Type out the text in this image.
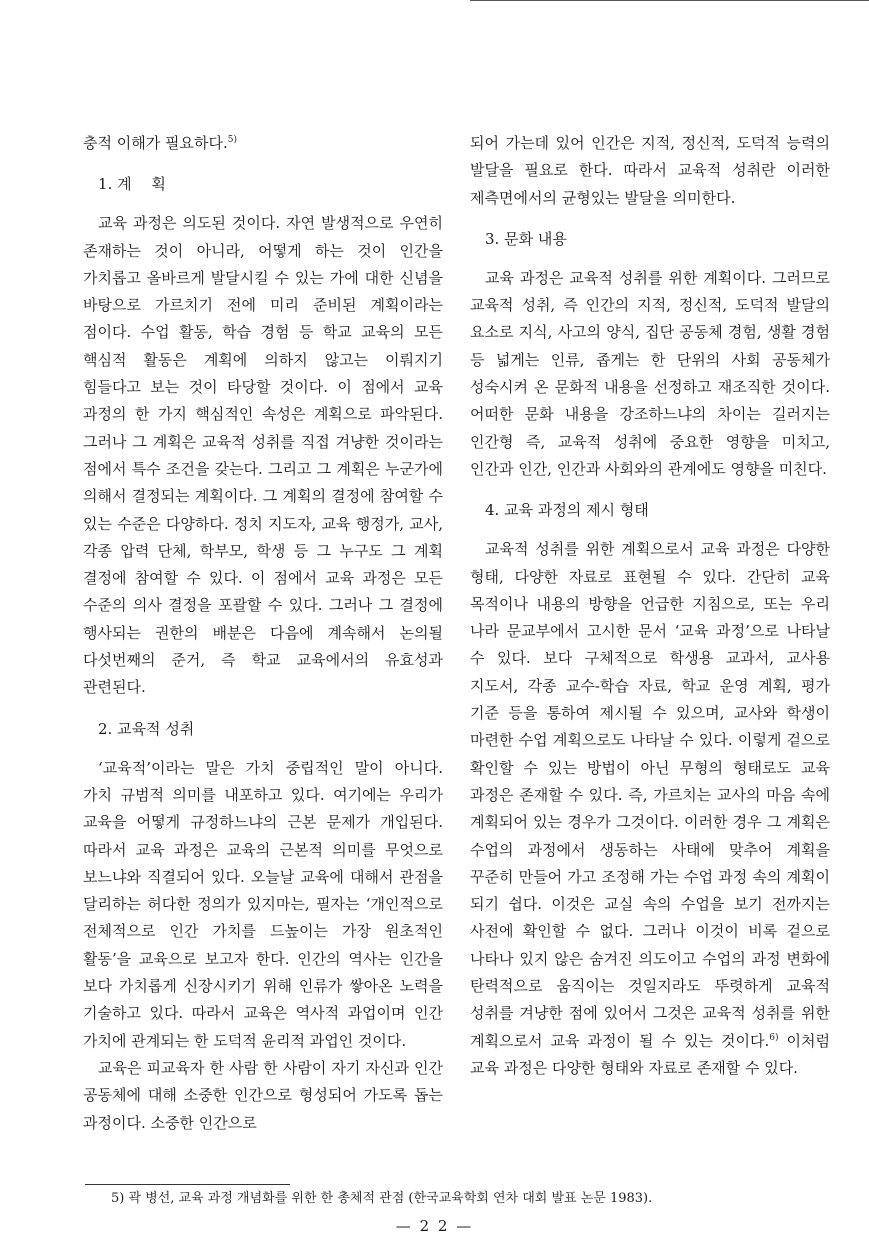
충적 이해가 필요하다.$^{5)}$

1. 계　 획

교육 과정은 의도된 것이다. 자연 발생적으로 우연히 존재하는 것이 아니라, 어떻게 하는 것이 인간을 가치롭고 올바르게 발달시킬 수 있는 가에 대한 신념을 바탕으로 가르치기 전에 미리 준비된 계획이라는 점이다. 수업 활동, 학습 경험 등 학교 교육의 모든 핵심적 활동은 계획에 의하지 않고는 이뤄지기 힘들다고 보는 것이 타당할 것이다. 이 점에서 교육 과정의 한 가지 핵심적인 속성은 계획으로 파악된다. 그러나 그 계획은 교육적 성취를 직접 겨냥한 것이라는 점에서 특수 조건을 갖는다. 그리고 그 계획은 누군가에 의해서 결정되는 계획이다. 그 계획의 결정에 참여할 수 있는 수준은 다양하다. 정치 지도자, 교육 행정가, 교사, 각종 압력 단체, 학부모, 학생 등 그 누구도 그 계획 결정에 참여할 수 있다. 이 점에서 교육 과정은 모든 수준의 의사 결정을 포괄할 수 있다. 그러나 그 결정에 행사되는 권한의 배분은 다음에 계속해서 논의될 다섯번째의 준거, 즉 학교 교육에서의 유효성과 관련된다.

2. 교육적 성취

‘교육적’이라는 말은 가치 중립적인 말이 아니다. 가치 규범적 의미를 내포하고 있다. 여기에는 우리가 교육을 어떻게 규정하느냐의 근본 문제가 개입된다. 따라서 교육 과정은 교육의 근본적 의미를 무엇으로 보느냐와 직결되어 있다. 오늘날 교육에 대해서 관점을 달리하는 허다한 정의가 있지마는, 필자는 ‘개인적으로 전체적으로 인간 가치를 드높이는 가장 원초적인 활동’을 교육으로 보고자 한다. 인간의 역사는 인간을 보다 가치롭게 신장시키기 위해 인류가 쌓아온 노력을 기술하고 있다. 따라서 교육은 역사적 과업이며 인간 가치에 관계되는 한 도덕적 윤리적 과업인 것이다.

교육은 피교육자 한 사람 한 사람이 자기 자신과 인간 공동체에 대해 소중한 인간으로 형성되어 가도록 돕는 과정이다. 소중한 인간으로

되어 가는데 있어 인간은 지적, 정신적, 도덕적 능력의 발달을 필요로 한다. 따라서 교육적 성취란 이러한 제측면에서의 균형있는 발달을 의미한다.

3. 문화 내용

교육 과정은 교육적 성취를 위한 계획이다. 그러므로 교육적 성취, 즉 인간의 지적, 정신적, 도덕적 발달의 요소로 지식, 사고의 양식, 집단 공동체 경험, 생활 경험 등 넓게는 인류, 좁게는 한 단위의 사회 공동체가 성숙시켜 온 문화적 내용을 선정하고 재조직한 것이다. 어떠한 문화 내용을 강조하느냐의 차이는 길러지는 인간형 즉, 교육적 성취에 중요한 영향을 미치고, 인간과 인간, 인간과 사회와의 관계에도 영향을 미친다.

4. 교육 과정의 제시 형태

교육적 성취를 위한 계획으로서 교육 과정은 다양한 형태, 다양한 자료로 표현될 수 있다. 간단히 교육 목적이나 내용의 방향을 언급한 지침으로, 또는 우리 나라 문교부에서 고시한 문서 ‘교육 과정’으로 나타날 수 있다. 보다 구체적으로 학생용 교과서, 교사용 지도서, 각종 교수-학습 자료, 학교 운영 계획, 평가 기준 등을 통하여 제시될 수 있으며, 교사와 학생이 마련한 수업 계획으로도 나타날 수 있다. 이렇게 겉으로 확인할 수 있는 방법이 아닌 무형의 형태로도 교육 과정은 존재할 수 있다. 즉, 가르치는 교사의 마음 속에 계획되어 있는 경우가 그것이다. 이러한 경우 그 계획은 수업의 과정에서 생동하는 사태에 맞추어 계획을 꾸준히 만들어 가고 조정해 가는 수업 과정 속의 계획이 되기 쉽다. 이것은 교실 속의 수업을 보기 전까지는 사전에 확인할 수 없다. 그러나 이것이 비록 겉으로 나타나 있지 않은 숨겨진 의도이고 수업의 과정 변화에 탄력적으로 움직이는 것일지라도 뚜렷하게 교육적 성취를 겨냥한 점에 있어서 그것은 교육적 성취를 위한 계획으로서 교육 과정이 될 수 있는 것이다.$^{6)}$ 이처럼 교육 과정은 다양한 형태와 자료로 존재할 수 있다.

5) 곽 병선, 교육 과정 개념화를 위한 한 총체적 관점 (한국교육학회 연차 대회 발표 논문 1983).
— 2 2 —
